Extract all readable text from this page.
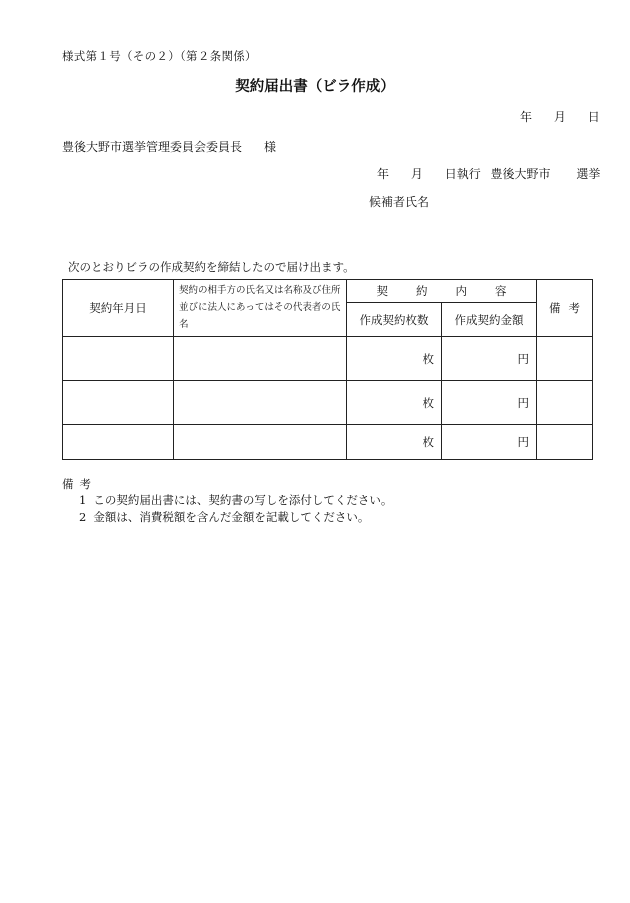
様式第１号（その２）（第２条関係）
契約届出書（ビラ作成）
年 月 日
豊後大野市選挙管理委員会委員長 様
年 月 日執行 豊後大野市 選挙
候補者氏名
次のとおりビラの作成契約を締結したので届け出ます。
契約年月日	契約の相手方の氏名又は名称及び住所並びに法人にあってはその代表者の氏名	契 約 内 容		備 考
		作成契約枚数	作成契約金額	
		枚	円	
		枚	円	
		枚	円	
備 考
1 この契約届出書には、契約書の写しを添付してください。
2 金額は、消費税額を含んだ金額を記載してください。
